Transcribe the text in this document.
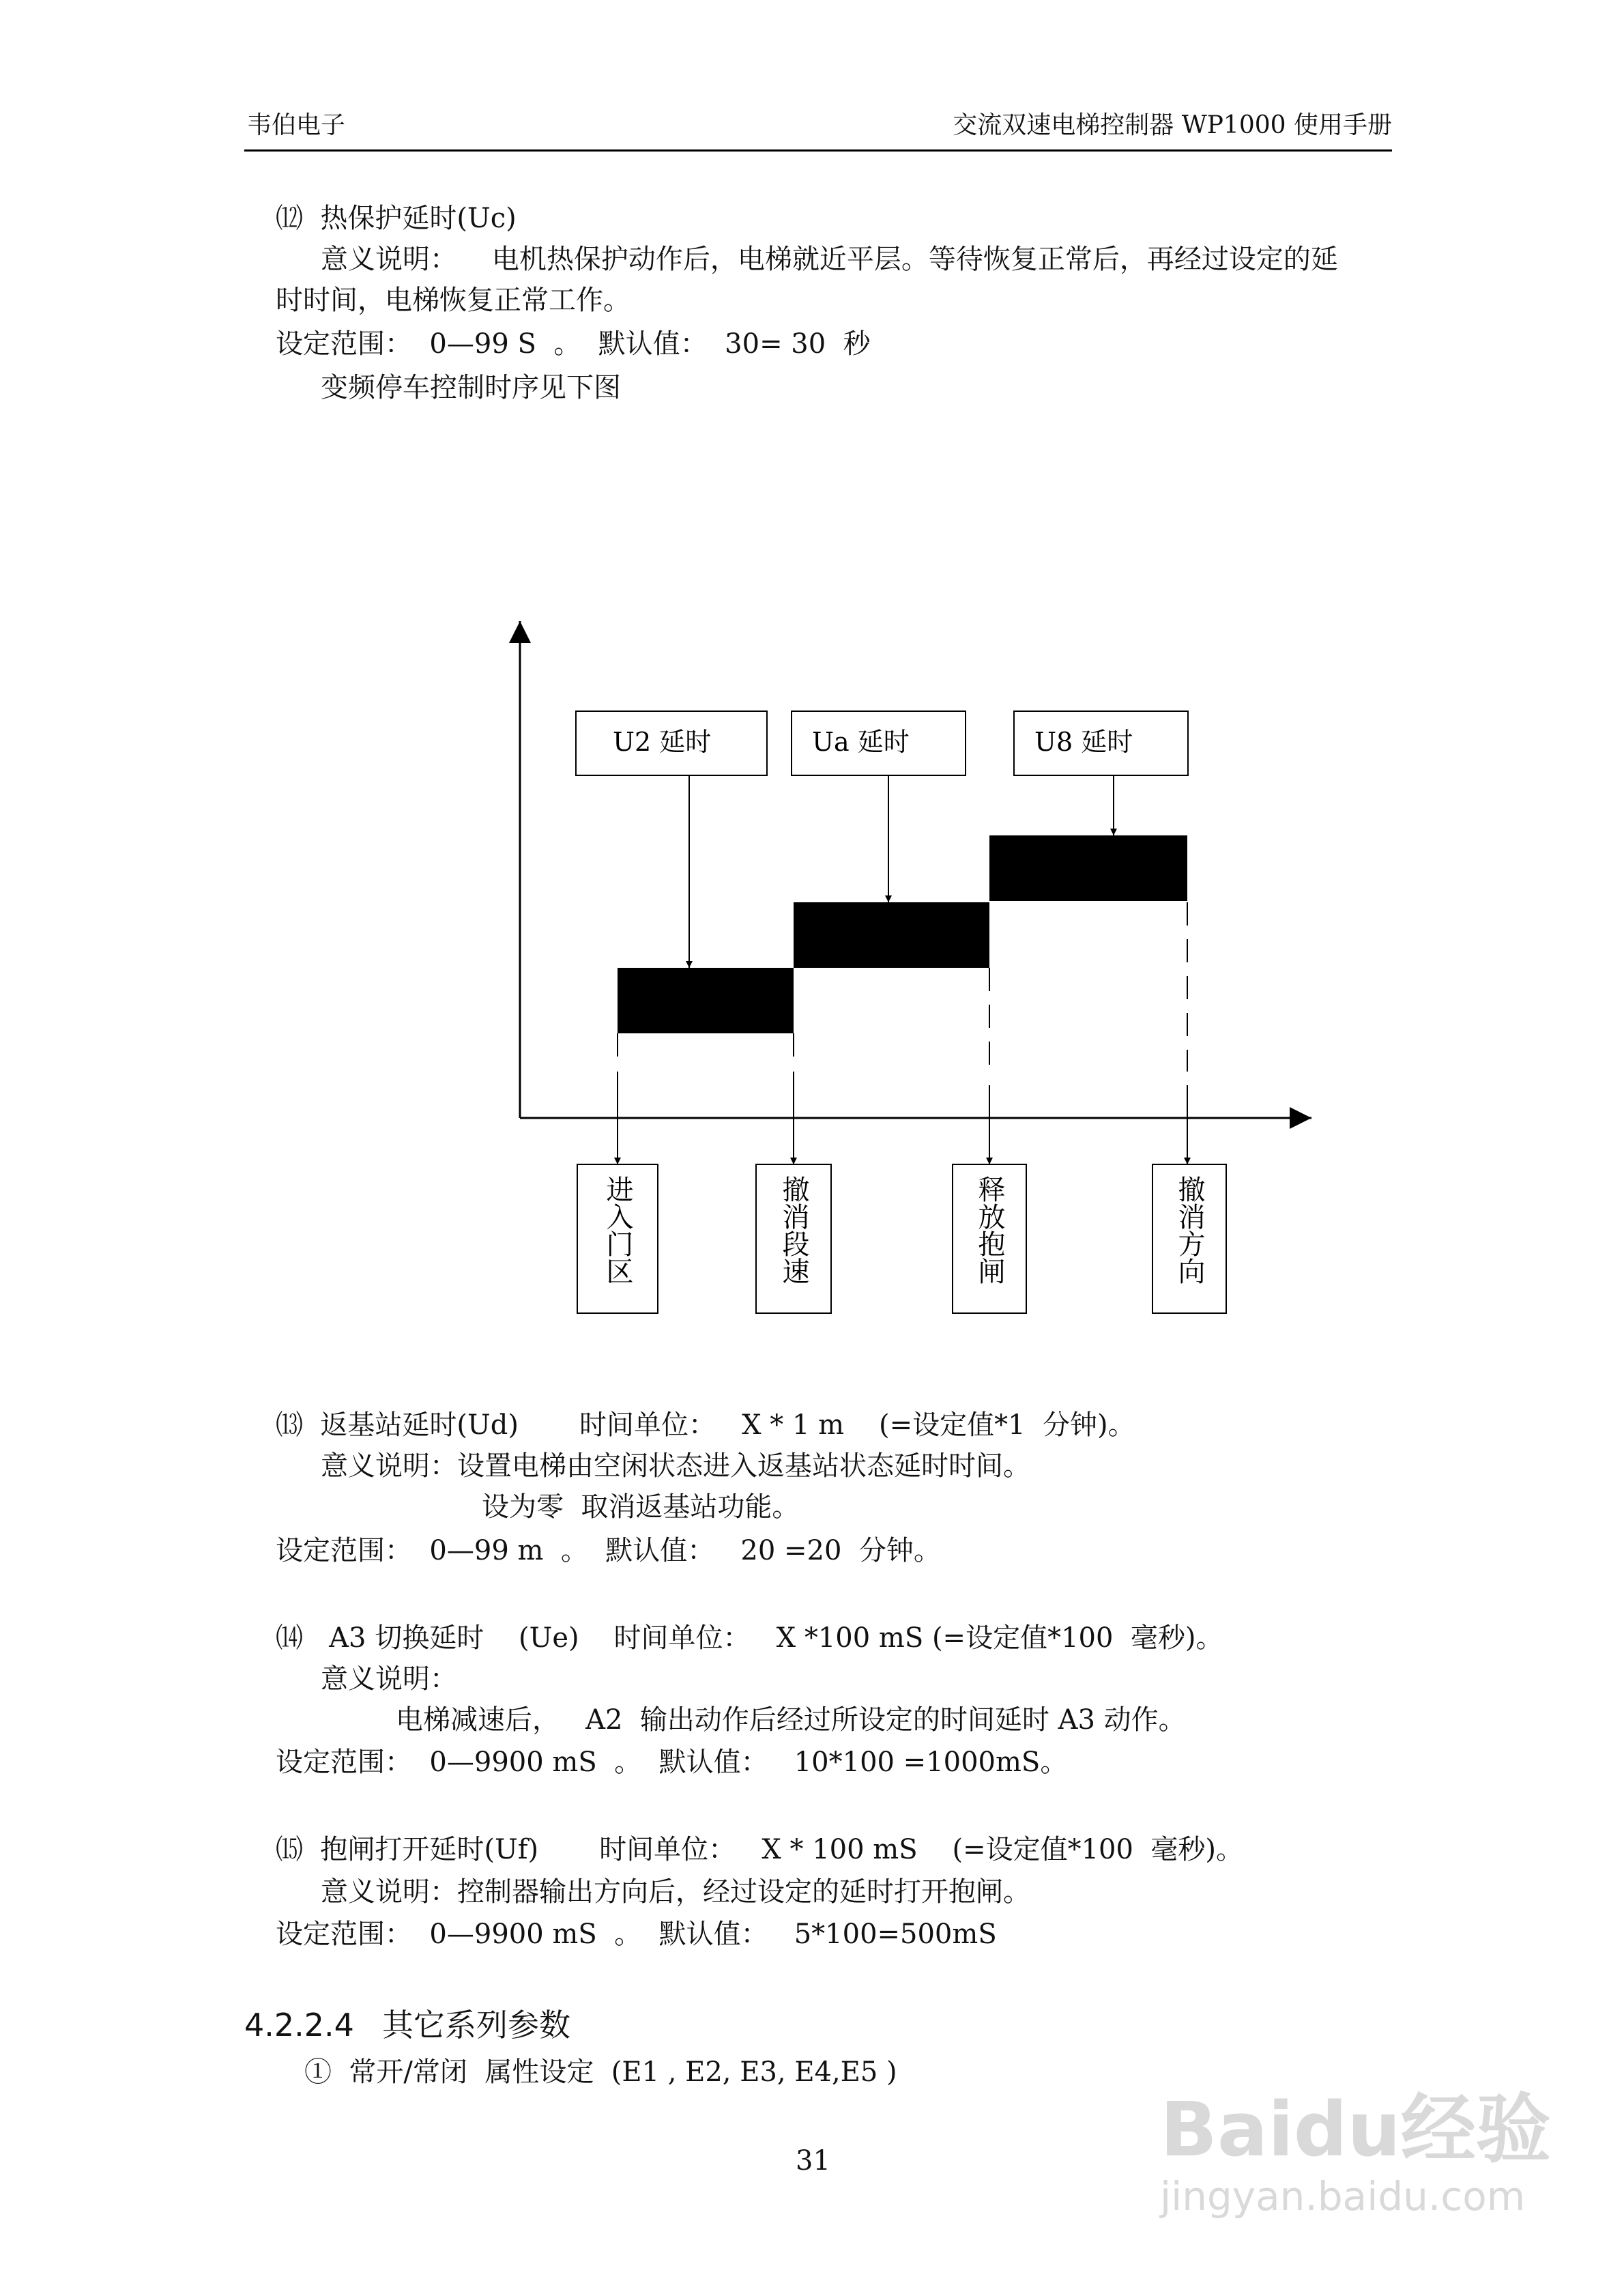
韦伯电子	交流双速电梯控制器 WP1000 使用手册
⑿  热保护延时(Uc)
意义说明：    电机热保护动作后，电梯就近平层。等待恢复正常后，再经过设定的延
时时间，电梯恢复正常工作。
设定范围：  0—99 S  。  默认值：  30= 30  秒
变频停车控制时序见下图
U2 延时	Ua 延时	U8 延时
进入门区	撤消段速	释放抱闸	撤消方向
⒀  返基站延时(Ud)       时间单位：   X * 1 m    (=设定值*1  分钟)。
意义说明：设置电梯由空闲状态进入返基站状态延时时间。
设为零  取消返基站功能。
设定范围：  0—99 m  。  默认值：   20 =20  分钟。
⒁   A3 切换延时    (Ue)    时间单位：   X *100 mS (=设定值*100  毫秒)。
意义说明：
电梯减速后，   A2  输出动作后经过所设定的时间延时 A3 动作。
设定范围：  0—9900 mS  。  默认值：   10*100 =1000mS。
⒂  抱闸打开延时(Uf)       时间单位：   X * 100 mS    (=设定值*100  毫秒)。
意义说明：控制器输出方向后，经过设定的延时打开抱闸。
设定范围：  0—9900 mS  。  默认值：   5*100=500mS
4.2.2.4 其它系列参数
①  常开/常闭  属性设定  (E1 , E2, E3, E4,E5 )
31	Baidu经验
jingyan.baidu.com
